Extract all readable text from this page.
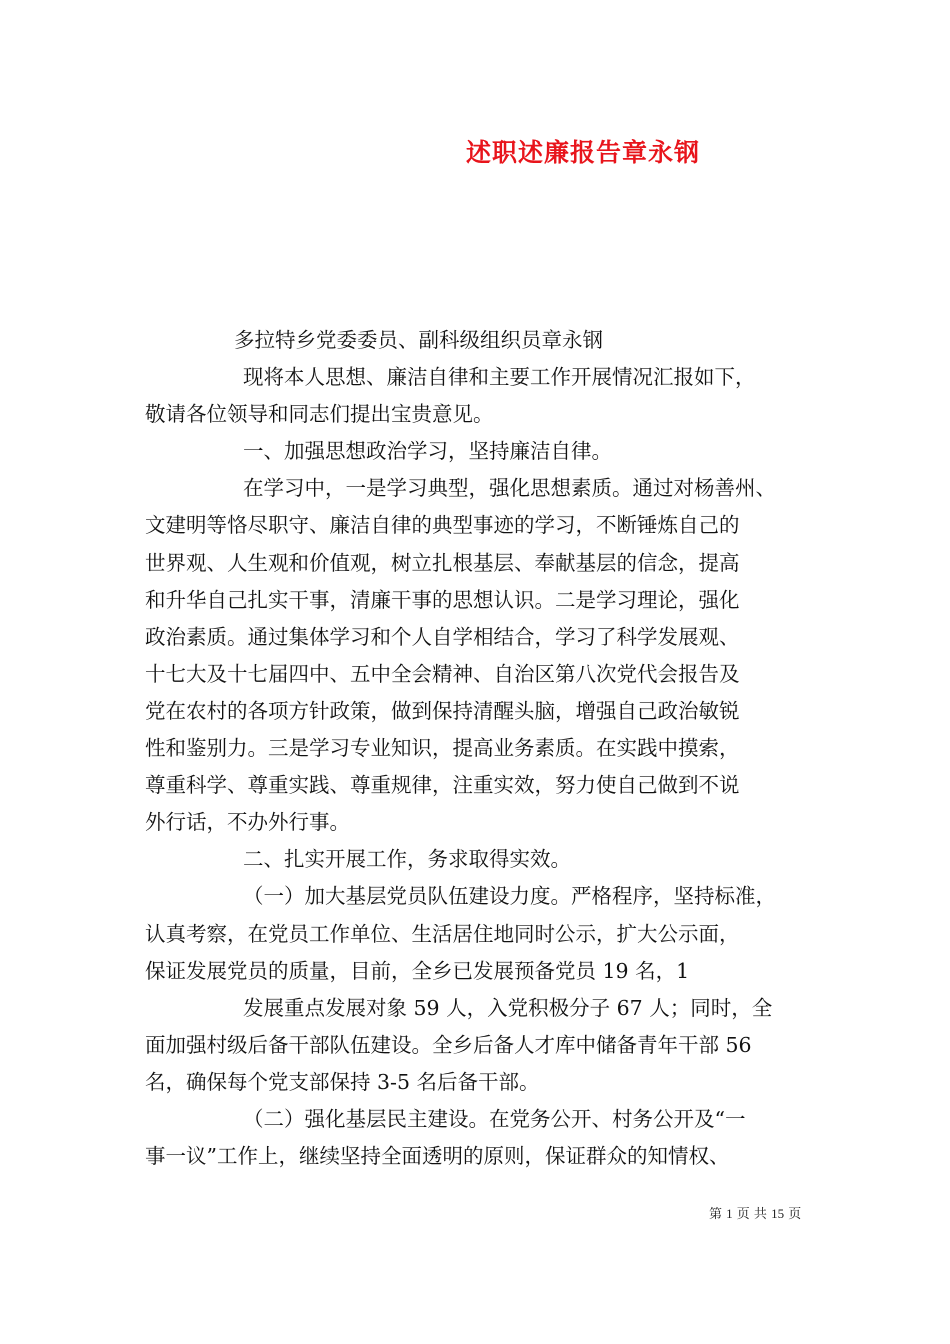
述职述廉报告章永钢
多拉特乡党委委员、副科级组织员章永钢
现将本人思想、廉洁自律和主要工作开展情况汇报如下，
敬请各位领导和同志们提出宝贵意见。
一、加强思想政治学习，坚持廉洁自律。
在学习中，一是学习典型，强化思想素质。通过对杨善州、
文建明等恪尽职守、廉洁自律的典型事迹的学习，不断锤炼自己的
世界观、人生观和价值观，树立扎根基层、奉献基层的信念，提高
和升华自己扎实干事，清廉干事的思想认识。二是学习理论，强化
政治素质。通过集体学习和个人自学相结合，学习了科学发展观、
十七大及十七届四中、五中全会精神、自治区第八次党代会报告及
党在农村的各项方针政策，做到保持清醒头脑，增强自己政治敏锐
性和鉴别力。三是学习专业知识，提高业务素质。在实践中摸索，
尊重科学、尊重实践、尊重规律，注重实效，努力使自己做到不说
外行话，不办外行事。
二、扎实开展工作，务求取得实效。
（一）加大基层党员队伍建设力度。严格程序，坚持标准，
认真考察，在党员工作单位、生活居住地同时公示，扩大公示面，
保证发展党员的质量，目前，全乡已发展预备党员 19 名，1
发展重点发展对象 59 人，入党积极分子 67 人；同时，全
面加强村级后备干部队伍建设。全乡后备人才库中储备青年干部 56
名，确保每个党支部保持 3-5 名后备干部。
（二）强化基层民主建设。在党务公开、村务公开及“一
事一议”工作上，继续坚持全面透明的原则，保证群众的知情权、
第 1 页 共 15 页
